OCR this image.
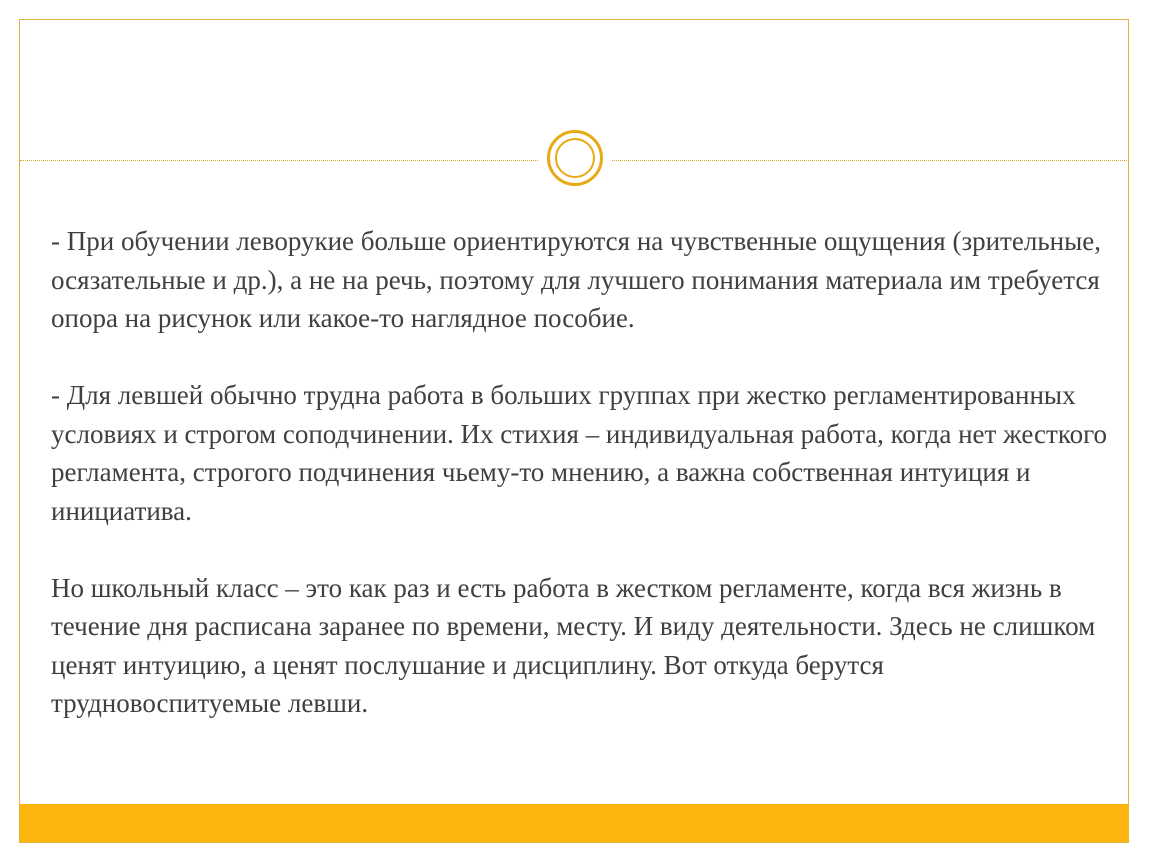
- При обучении леворукие больше ориентируются на чувственные ощущения (зрительные, осязательные и др.), а не на речь, поэтому для лучшего понимания материала им требуется опора на рисунок или какое-то наглядное пособие.

- Для левшей обычно трудна работа в больших группах при жестко регламентированных условиях и строгом соподчинении. Их стихия – индивидуальная работа, когда нет жесткого регламента, строгого подчинения чьему-то мнению, а важна собственная интуиция и инициатива.

Но школьный класс – это как раз и есть работа в жестком регламенте, когда вся жизнь в течение дня расписана заранее по времени, месту. И виду деятельности. Здесь не слишком ценят интуицию, а ценят послушание и дисциплину. Вот откуда берутся трудновоспитуемые левши.
